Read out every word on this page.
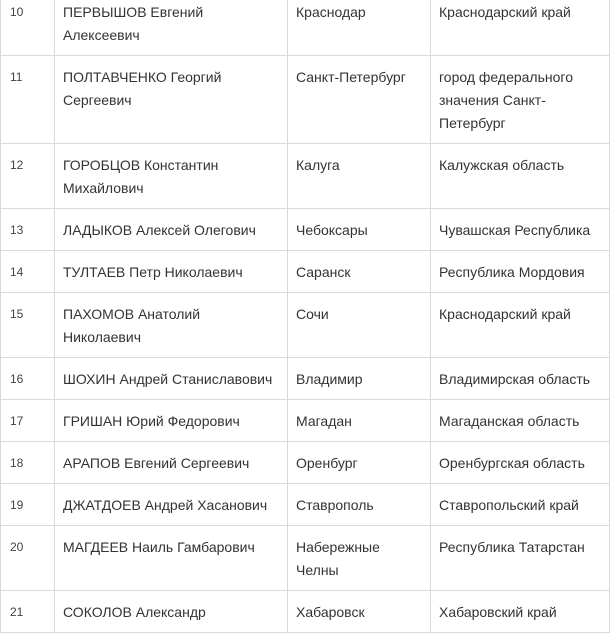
10	ПЕРВЫШОВ Евгений Алексеевич	Краснодар	Краснодарский край
11	ПОЛТАВЧЕНКО Георгий Сергеевич	Санкт-Петербург	город федерального значения Санкт-Петербург
12	ГОРОБЦОВ Константин Михайлович	Калуга	Калужская область
13	ЛАДЫКОВ Алексей Олегович	Чебоксары	Чувашская Республика
14	ТУЛТАЕВ Петр Николаевич	Саранск	Республика Мордовия
15	ПАХОМОВ Анатолий Николаевич	Сочи	Краснодарский край
16	ШОХИН Андрей Станиславович	Владимир	Владимирская область
17	ГРИШАН Юрий Федорович	Магадан	Магаданская область
18	АРАПОВ Евгений Сергеевич	Оренбург	Оренбургская область
19	ДЖАТДОЕВ Андрей Хасанович	Ставрополь	Ставропольский край
20	МАГДЕЕВ Наиль Гамбарович	Набережные Челны	Республика Татарстан
21	СОКОЛОВ Александр	Хабаровск	Хабаровский край
